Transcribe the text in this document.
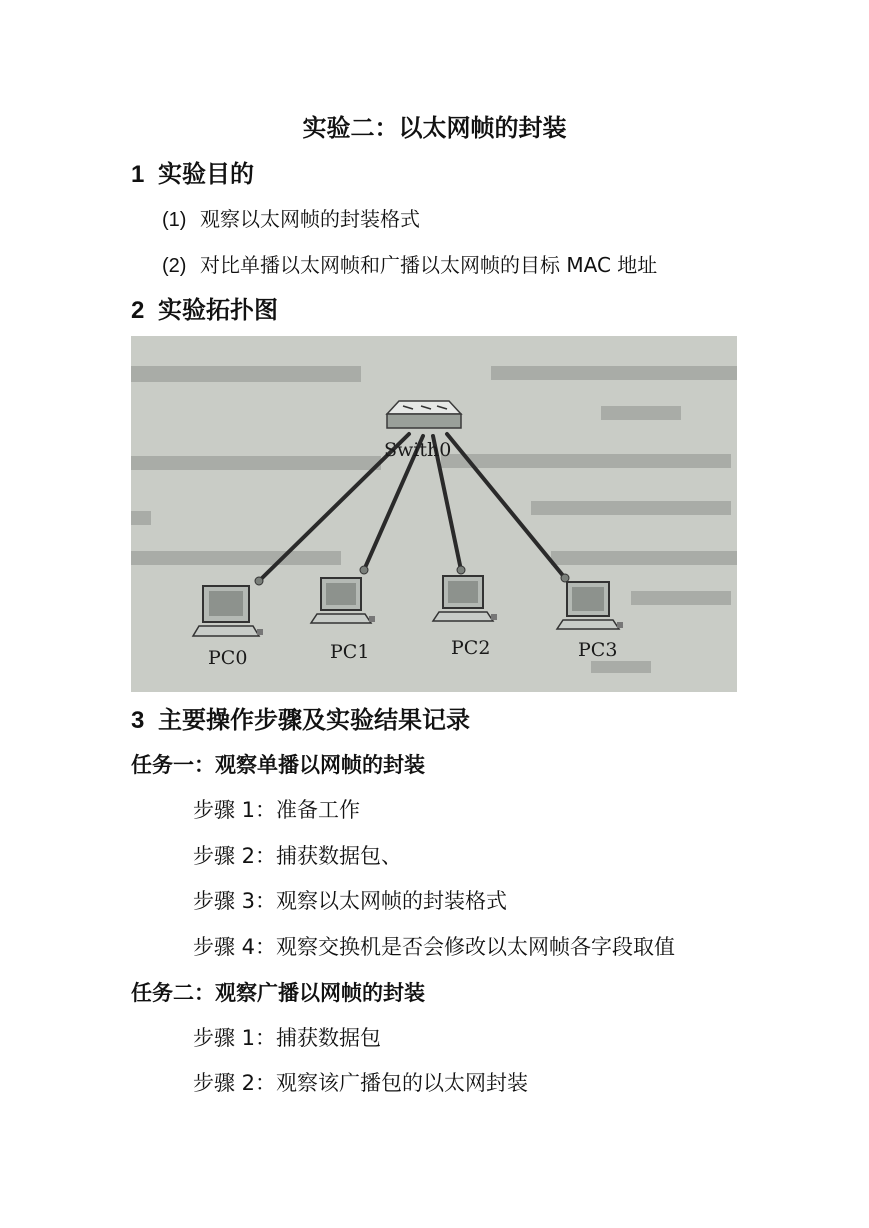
实验二：以太网帧的封装
1 实验目的
(1) 观察以太网帧的封装格式
(2) 对比单播以太网帧和广播以太网帧的目标 MAC 地址
2 实验拓扑图
Swith0
PC0	PC1	PC2	PC3
3 主要操作步骤及实验结果记录
任务一：观察单播以网帧的封装
步骤 1：准备工作
步骤 2：捕获数据包、
步骤 3：观察以太网帧的封装格式
步骤 4：观察交换机是否会修改以太网帧各字段取值
任务二：观察广播以网帧的封装
步骤 1：捕获数据包
步骤 2：观察该广播包的以太网封装
